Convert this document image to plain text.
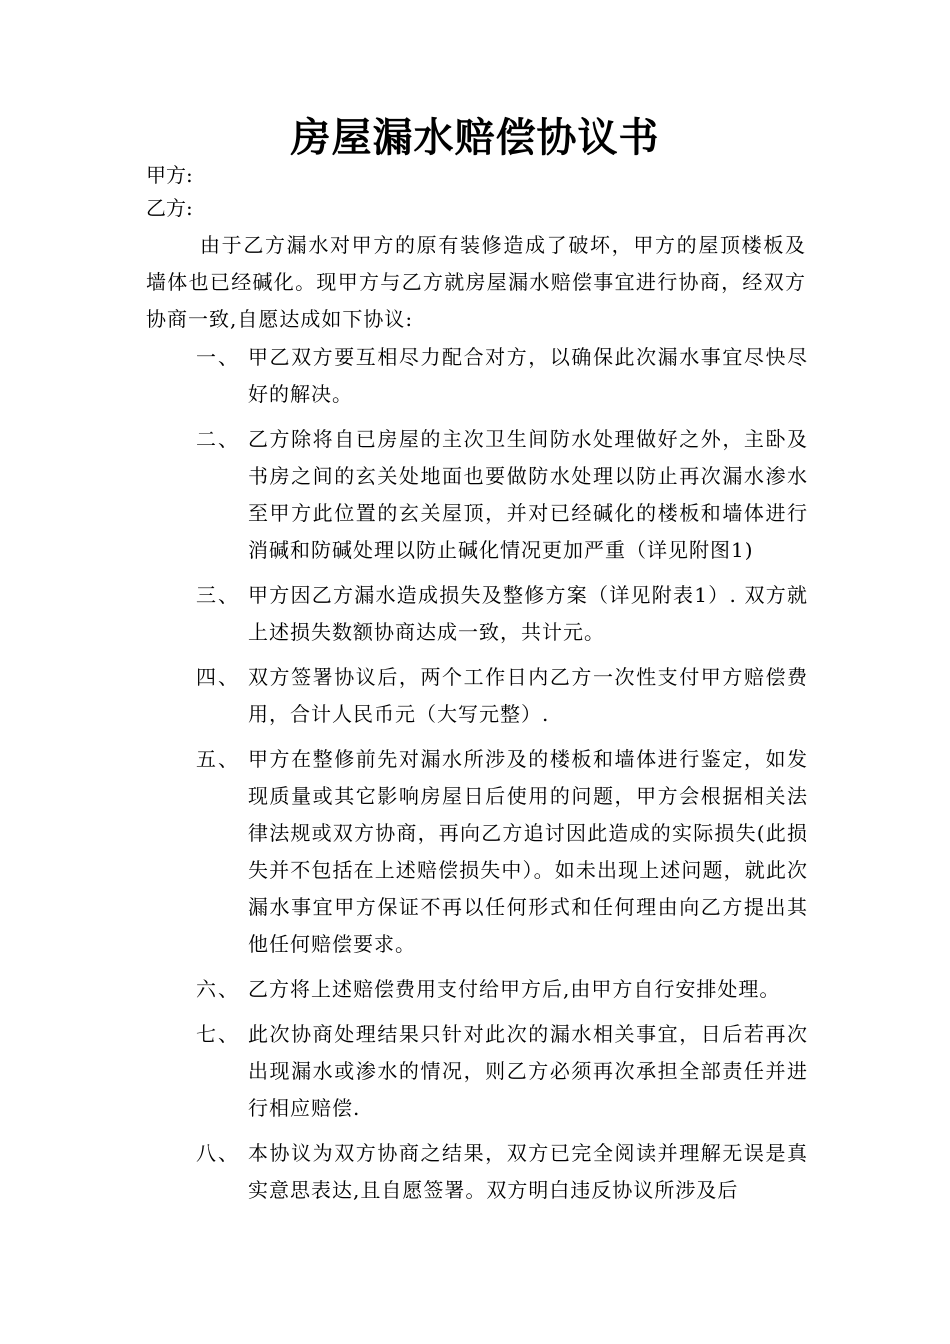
房屋漏水赔偿协议书
甲方:
乙方:
由于乙方漏水对甲方的原有装修造成了破坏，甲方的屋顶楼板及墙体也已经碱化。现甲方与乙方就房屋漏水赔偿事宜进行协商，经双方协商一致,自愿达成如下协议:
一、 甲乙双方要互相尽力配合对方，以确保此次漏水事宜尽快尽好的解决。
二、 乙方除将自已房屋的主次卫生间防水处理做好之外，主卧及书房之间的玄关处地面也要做防水处理以防止再次漏水渗水至甲方此位置的玄关屋顶，并对已经碱化的楼板和墙体进行消碱和防碱处理以防止碱化情况更加严重（详见附图1)
三、 甲方因乙方漏水造成损失及整修方案（详见附表1）. 双方就上述损失数额协商达成一致，共计元。
四、 双方签署协议后，两个工作日内乙方一次性支付甲方赔偿费用，合计人民币元（大写元整）.
五、 甲方在整修前先对漏水所涉及的楼板和墙体进行鉴定，如发现质量或其它影响房屋日后使用的问题，甲方会根据相关法律法规或双方协商，再向乙方追讨因此造成的实际损失(此损失并不包括在上述赔偿损失中）。如未出现上述问题，就此次漏水事宜甲方保证不再以任何形式和任何理由向乙方提出其他任何赔偿要求。
六、 乙方将上述赔偿费用支付给甲方后,由甲方自行安排处理。
七、 此次协商处理结果只针对此次的漏水相关事宜，日后若再次出现漏水或渗水的情况，则乙方必须再次承担全部责任并进行相应赔偿.
八、 本协议为双方协商之结果，双方已完全阅读并理解无误是真实意思表达,且自愿签署。双方明白违反协议所涉及后
